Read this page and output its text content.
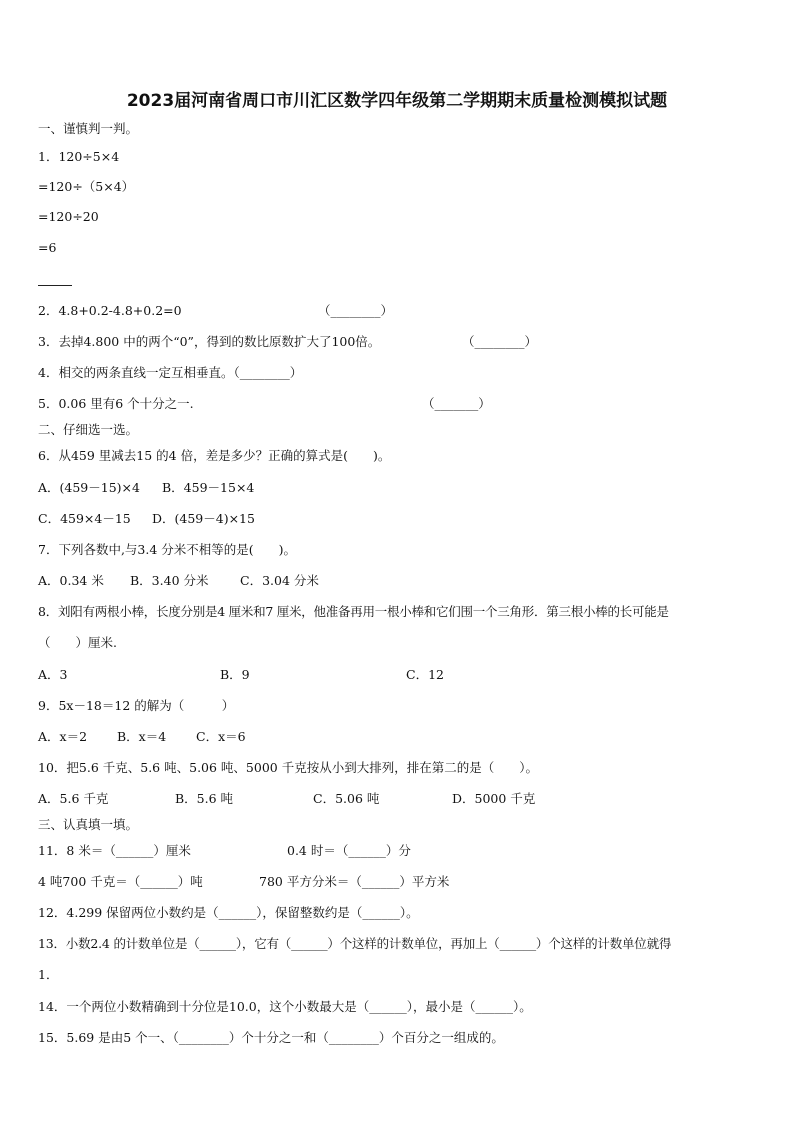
2023届河南省周口市川汇区数学四年级第二学期期末质量检测模拟试题
一、谨慎判一判。
1．120÷5×4
=120÷（5×4）
=120÷20
=6
2．4.8+0.2-4.8+0.2=0	（________）
3．去掉4.800 中的两个“0”，得到的数比原数扩大了100倍。	（________）
4．相交的两条直线一定互相垂直。（________）
5．0.06 里有6 个十分之一.	（_______）
二、仔细选一选。
6．从459 里减去15 的4 倍，差是多少？正确的算式是(　　)。
A．(459－15)×4 B．459－15×4
C．459×4－15 D．(459－4)×15
7．下列各数中,与3.4 分米不相等的是(　　)。
A．0.34 米 B．3.40 分米	C．3.04 分米
8．刘阳有两根小棒，长度分别是4 厘米和7 厘米，他准备再用一根小棒和它们围一个三角形．第三根小棒的长可能是
（　　）厘米.
A．3	B．9	C．12
9．5x－18＝12 的解为（　　　）
A．x＝2 B．x＝4 C．x＝6
10．把5.6 千克、5.6 吨、5.06 吨、5000 千克按从小到大排列，排在第二的是（　　）。
A．5.6 千克	B．5.6 吨	C．5.06 吨	D．5000 千克
三、认真填一填。
11．8 米＝（______）厘米	0.4 时＝（______）分
4 吨700 千克＝（______）吨	780 平方分米＝（______）平方米
12．4.299 保留两位小数约是（______），保留整数约是（______）。
13．小数2.4 的计数单位是（______），它有（______）个这样的计数单位，再加上（______）个这样的计数单位就得
1．
14．一个两位小数精确到十分位是10.0，这个小数最大是（______），最小是（______）。
15．5.69 是由5 个一、（________）个十分之一和（________）个百分之一组成的。
